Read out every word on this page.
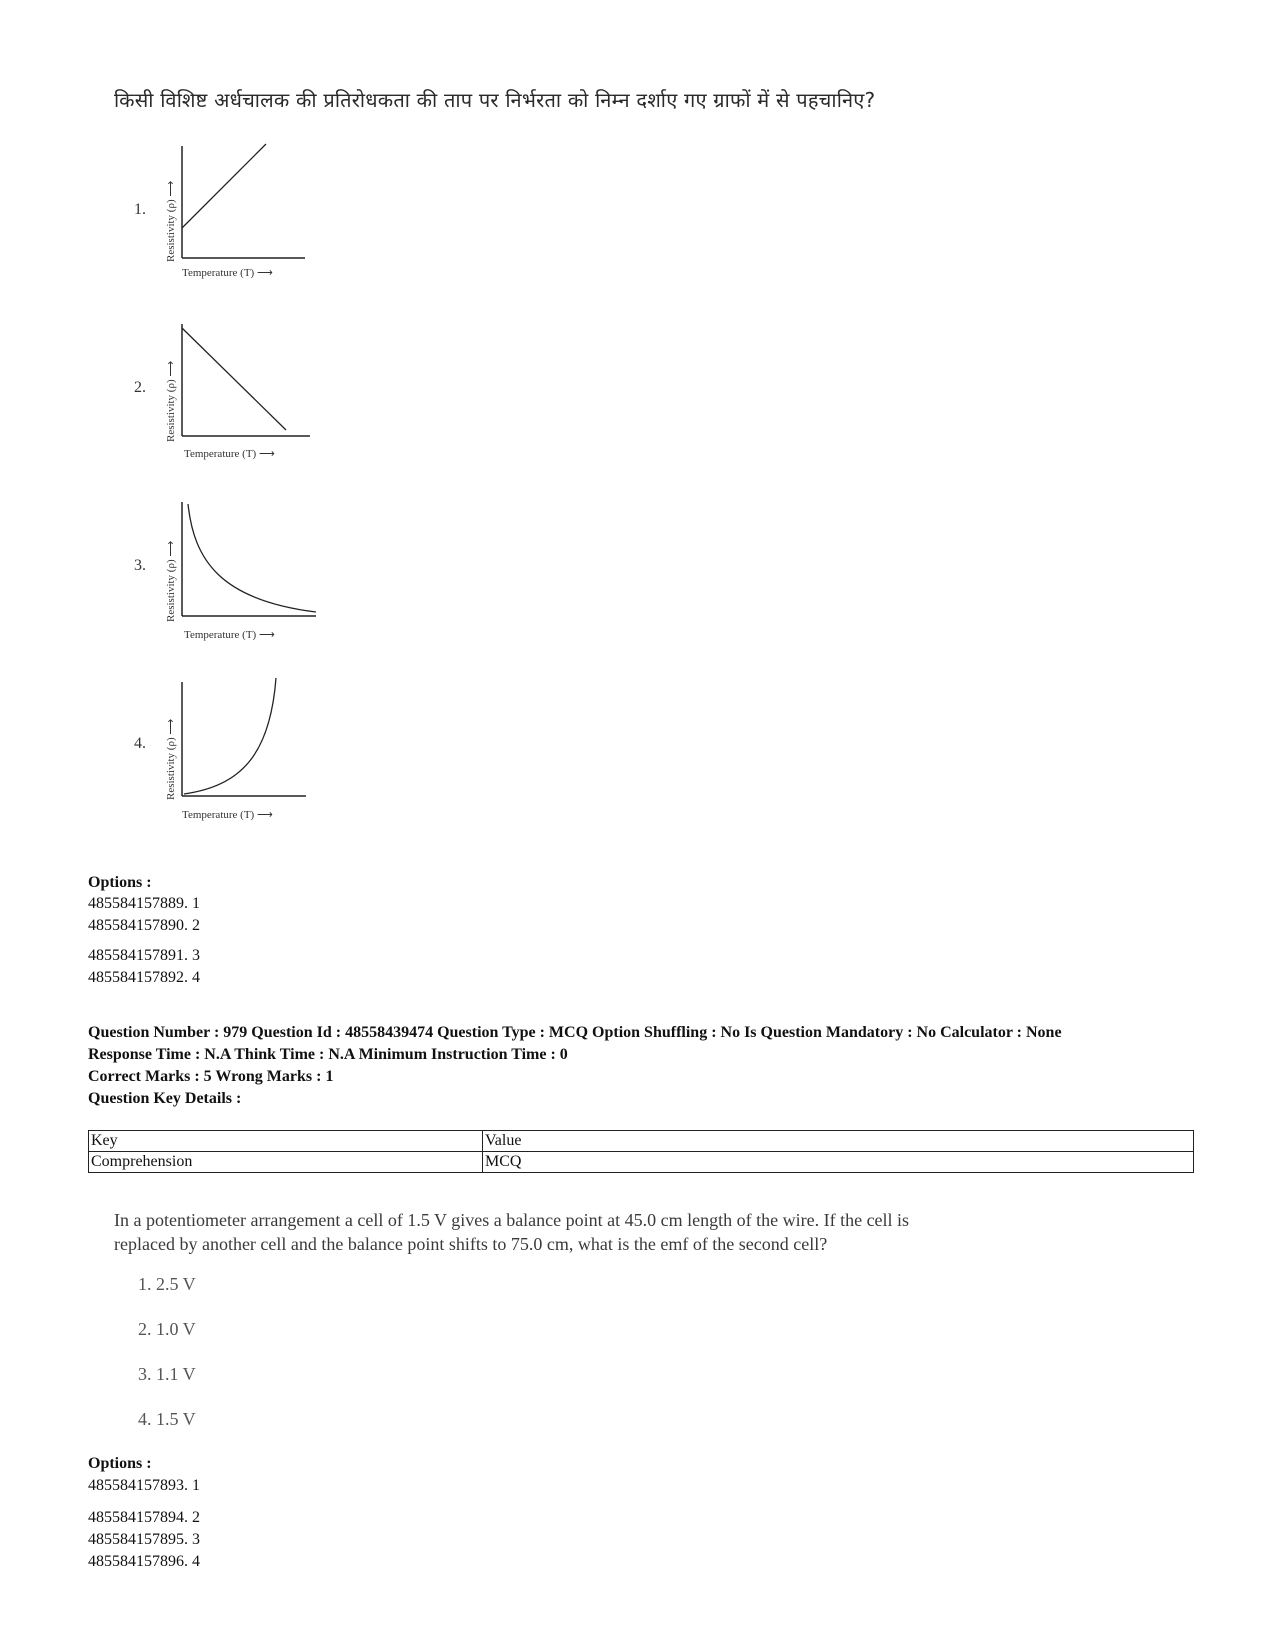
किसी विशिष्ट अर्धचालक की प्रतिरोधकता की ताप पर निर्भरता को निम्न दर्शाए गए ग्राफों में से पहचानिए?
1. Resistivity (ρ) ⟶
Temperature (T) ⟶
2. Resistivity (ρ) ⟶
Temperature (T) ⟶
3. Resistivity (ρ) ⟶
Temperature (T) ⟶
4. Resistivity (ρ) ⟶
Temperature (T) ⟶
Options :
485584157889. 1
485584157890. 2
485584157891. 3
485584157892. 4
Question Number : 979 Question Id : 48558439474 Question Type : MCQ Option Shuffling : No Is Question Mandatory : No Calculator : None
Response Time : N.A Think Time : N.A Minimum Instruction Time : 0
Correct Marks : 5 Wrong Marks : 1
Question Key Details :
Key	Value
Comprehension	MCQ
In a potentiometer arrangement a cell of 1.5 V gives a balance point at 45.0 cm length of the wire. If the cell is
replaced by another cell and the balance point shifts to 75.0 cm, what is the emf of the second cell?
1. 2.5 V
2. 1.0 V
3. 1.1 V
4. 1.5 V
Options :
485584157893. 1
485584157894. 2
485584157895. 3
485584157896. 4
